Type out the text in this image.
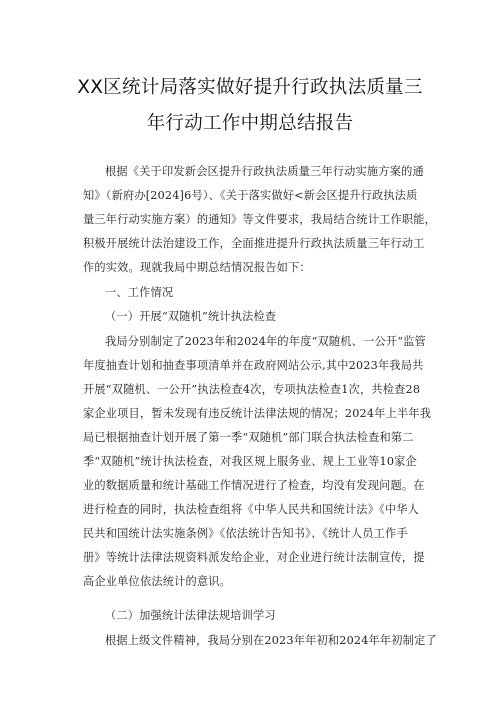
XX区统计局落实做好提升行政执法质量三
年行动工作中期总结报告
根据《关于印发新会区提升行政执法质量三年行动实施方案的通
知》（新府办[2024]6号）、《关于落实做好<新会区提升行政执法质
量三年行动实施方案）的通知》等文件要求，我局结合统计工作职能，
积极开展统计法治建设工作，全面推进提升行政执法质量三年行动工
作的实效。现就我局中期总结情况报告如下：
一、工作情况
（一）开展“双随机”统计执法检查
我局分别制定了2023年和2024年的年度“双随机、一公开“监管
年度抽查计划和抽查事项清单并在政府网站公示,其中2023年我局共
开展“双随机、一公开”执法检查4次，专项执法检查1次，共检查28
家企业项目，暂未发现有违反统计法律法规的情况；2024年上半年我
局已根据抽查计划开展了第一季“双随机”部门联合执法检查和第二
季“双随机”统计执法检查，对我区规上服务业、规上工业等10家企
业的数据质量和统计基础工作情况进行了检查，均没有发现问题。在
进行检查的同时，执法检查组将《中华人民共和国统计法》《中华人
民共和国统计法实施条例》《依法统计告知书》、《统计人员工作手
册》等统计法律法规资料派发给企业，对企业进行统计法制宣传，提
高企业单位依法统计的意识。
（二）加强统计法律法规培训学习
根据上级文件精神，我局分别在2023年年初和2024年年初制定了
